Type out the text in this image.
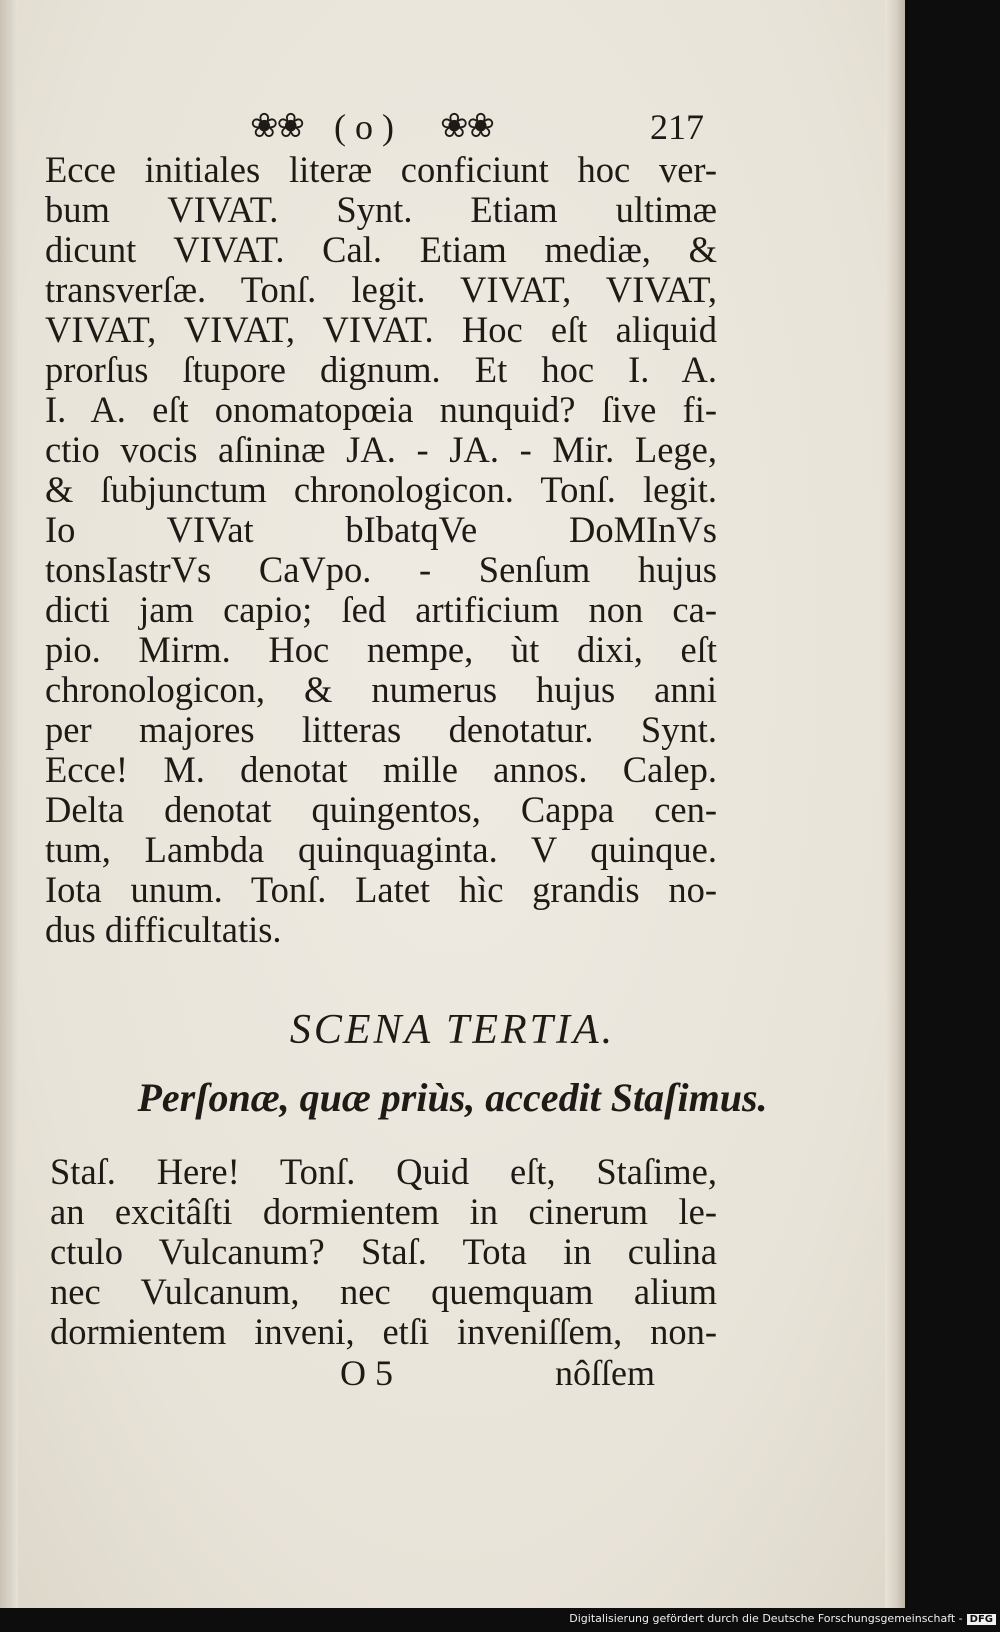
❀❀ ( o ) ❀❀	217
Ecce initiales literæ conficiunt hoc ver-
bum VIVAT. Synt. Etiam ultimæ
dicunt VIVAT. Cal. Etiam mediæ, &
transverſæ. Tonſ. legit. VIVAT, VIVAT,
VIVAT, VIVAT, VIVAT. Hoc eſt aliquid
prorſus ſtupore dignum. Et hoc I. A.
I. A. eſt onomatopœia nunquid? ſive fi-
ctio vocis aſininæ JA. - JA. - Mir. Lege,
& ſubjunctum chronologicon. Tonſ. legit.
Io VIVat bIbatqVe DoMInVs
tonsIastrVs CaVpo. - Senſum hujus
dicti jam capio; ſed artificium non ca-
pio. Mirm. Hoc nempe, ùt dixi, eſt
chronologicon, & numerus hujus anni
per majores litteras denotatur. Synt.
Ecce! M. denotat mille annos. Calep.
Delta denotat quingentos, Cappa cen-
tum, Lambda quinquaginta. V quinque.
Iota unum. Tonſ. Latet hìc grandis no-
dus difficultatis.
SCENA TERTIA.
Perſonæ, quæ priùs, accedit Staſimus.
Staſ. Here! Tonſ. Quid eſt, Staſime,
an excitâſti dormientem in cinerum le-
ctulo Vulcanum? Staſ. Tota in culina
nec Vulcanum, nec quemquam alium
dormientem inveni, etſi inveniſſem, non-
O 5	nôſſem
Digitalisierung gefördert durch die Deutsche Forschungsgemeinschaft - DFG
